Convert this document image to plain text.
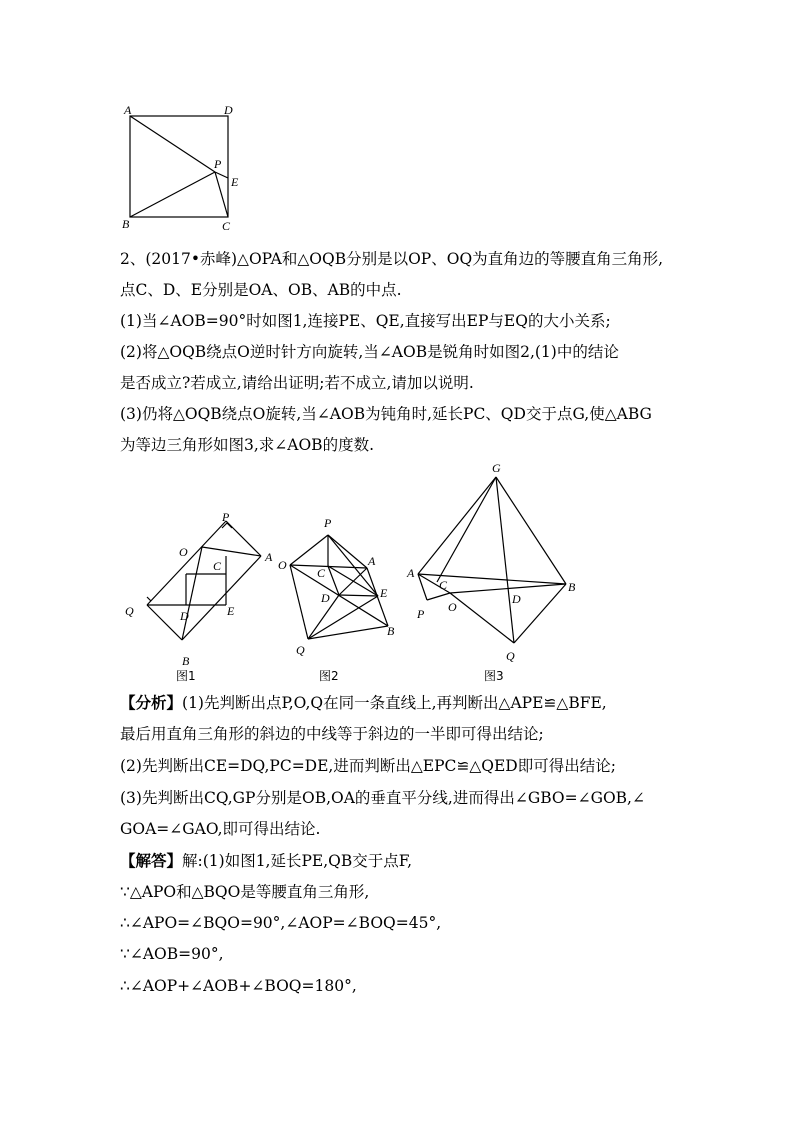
A	D
P
E
B	C
2、(2017•赤峰)△OPA和△OQB分别是以OP、OQ为直角边的等腰直角三角形,
点C、D、E分别是OA、OB、AB的中点.
(1)当∠AOB=90°时如图1,连接PE、QE,直接写出EP与EQ的大小关系;
(2)将△OQB绕点O逆时针方向旋转,当∠AOB是锐角时如图2,(1)中的结论
是否成立?若成立,请给出证明;若不成立,请加以说明.
(3)仍将△OQB绕点O旋转,当∠AOB为钝角时,延长PC、QD交于点G,使△ABG
为等边三角形如图3,求∠AOB的度数.
P
O	A
C
Q	D	E
B
图1
P
O
C
A
D	E
B
Q
图2
G
A
C
P O
D
B
Q
图3
【分析】(1)先判断出点P,O,Q在同一条直线上,再判断出△APE≌△BFE,
最后用直角三角形的斜边的中线等于斜边的一半即可得出结论;
(2)先判断出CE=DQ,PC=DE,进而判断出△EPC≌△QED即可得出结论;
(3)先判断出CQ,GP分别是OB,OA的垂直平分线,进而得出∠GBO=∠GOB,∠
GOA=∠GAO,即可得出结论.
【解答】解:(1)如图1,延长PE,QB交于点F,
∵△APO和△BQO是等腰直角三角形,
∴∠APO=∠BQO=90°,∠AOP=∠BOQ=45°,
∵∠AOB=90°,
∴∠AOP+∠AOB+∠BOQ=180°,
